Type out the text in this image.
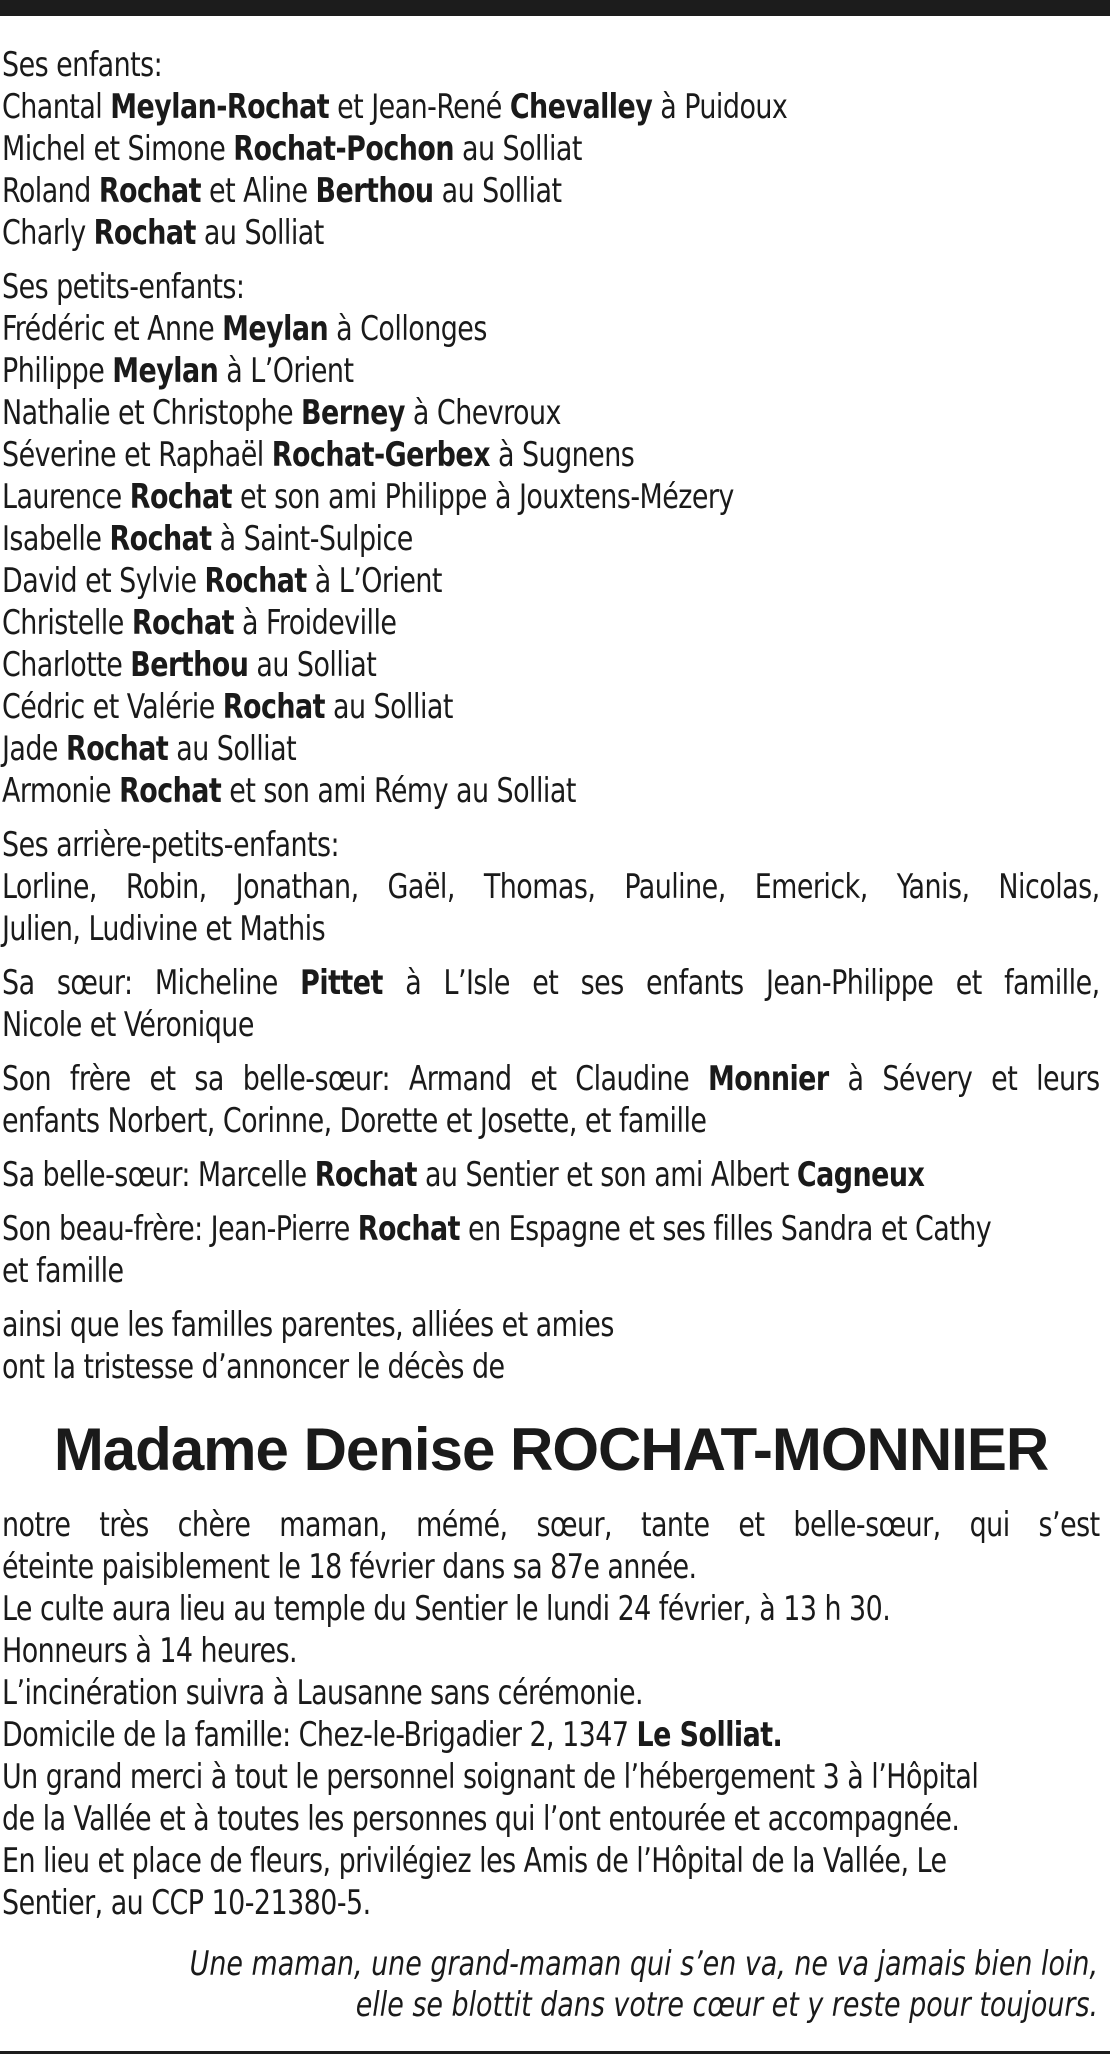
Ses enfants:
Chantal Meylan-Rochat et Jean-René Chevalley à Puidoux
Michel et Simone Rochat-Pochon au Solliat
Roland Rochat et Aline Berthou au Solliat
Charly Rochat au Solliat
Ses petits-enfants:
Frédéric et Anne Meylan à Collonges
Philippe Meylan à L’Orient
Nathalie et Christophe Berney à Chevroux
Séverine et Raphaël Rochat-Gerbex à Sugnens
Laurence Rochat et son ami Philippe à Jouxtens-Mézery
Isabelle Rochat à Saint-Sulpice
David et Sylvie Rochat à L’Orient
Christelle Rochat à Froideville
Charlotte Berthou au Solliat
Cédric et Valérie Rochat au Solliat
Jade Rochat au Solliat
Armonie Rochat et son ami Rémy au Solliat
Ses arrière-petits-enfants:
Lorline, Robin, Jonathan, Gaël, Thomas, Pauline, Emerick, Yanis, Nicolas,
Julien, Ludivine et Mathis
Sa sœur: Micheline Pittet à L’Isle et ses enfants Jean-Philippe et famille,
Nicole et Véronique
Son frère et sa belle-sœur: Armand et Claudine Monnier à Sévery et leurs
enfants Norbert, Corinne, Dorette et Josette, et famille
Sa belle-sœur: Marcelle Rochat au Sentier et son ami Albert Cagneux
Son beau-frère: Jean-Pierre Rochat en Espagne et ses filles Sandra et Cathy
et famille
ainsi que les familles parentes, alliées et amies
ont la tristesse d’annoncer le décès de
Madame Denise ROCHAT-MONNIER
notre très chère maman, mémé, sœur, tante et belle-sœur, qui s’est
éteinte paisiblement le 18 février dans sa 87e année.
Le culte aura lieu au temple du Sentier le lundi 24 février, à 13 h 30.
Honneurs à 14 heures.
L’incinération suivra à Lausanne sans cérémonie.
Domicile de la famille: Chez-le-Brigadier 2, 1347 Le Solliat.
Un grand merci à tout le personnel soignant de l’hébergement 3 à l’Hôpital
de la Vallée et à toutes les personnes qui l’ont entourée et accompagnée.
En lieu et place de fleurs, privilégiez les Amis de l’Hôpital de la Vallée, Le
Sentier, au CCP 10-21380-5.
Une maman, une grand-maman qui s’en va, ne va jamais bien loin,
elle se blottit dans votre cœur et y reste pour toujours.
